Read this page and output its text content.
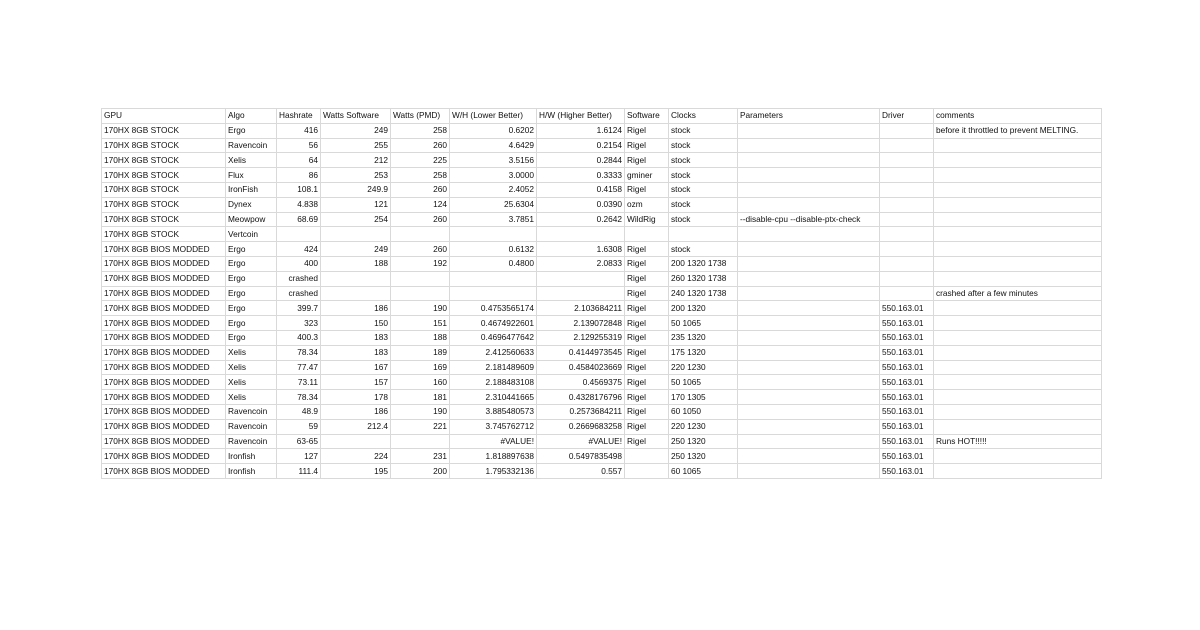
GPU	Algo	Hashrate	Watts Software	Watts (PMD)	W/H (Lower Better)	H/W (Higher Better)	Software	Clocks	Parameters	Driver	comments
170HX 8GB STOCK	Ergo	416	249	258	0.6202	1.6124	Rigel	stock			before it throttled to prevent MELTING.
170HX 8GB STOCK	Ravencoin	56	255	260	4.6429	0.2154	Rigel	stock			
170HX 8GB STOCK	Xelis	64	212	225	3.5156	0.2844	Rigel	stock			
170HX 8GB STOCK	Flux	86	253	258	3.0000	0.3333	gminer	stock			
170HX 8GB STOCK	IronFish	108.1	249.9	260	2.4052	0.4158	Rigel	stock			
170HX 8GB STOCK	Dynex	4.838	121	124	25.6304	0.0390	ozm	stock			
170HX 8GB STOCK	Meowpow	68.69	254	260	3.7851	0.2642	WildRig	stock	--disable-cpu --disable-ptx-check		
170HX 8GB STOCK	Vertcoin										
170HX 8GB BIOS MODDED	Ergo	424	249	260	0.6132	1.6308	Rigel	stock			
170HX 8GB BIOS MODDED	Ergo	400	188	192	0.4800	2.0833	Rigel	200 1320 1738			
170HX 8GB BIOS MODDED	Ergo	crashed					Rigel	260 1320 1738			
170HX 8GB BIOS MODDED	Ergo	crashed					Rigel	240 1320 1738			crashed after a few minutes
170HX 8GB BIOS MODDED	Ergo	399.7	186	190	0.4753565174	2.103684211	Rigel	200 1320		550.163.01	
170HX 8GB BIOS MODDED	Ergo	323	150	151	0.4674922601	2.139072848	Rigel	50 1065		550.163.01	
170HX 8GB BIOS MODDED	Ergo	400.3	183	188	0.4696477642	2.129255319	Rigel	235 1320		550.163.01	
170HX 8GB BIOS MODDED	Xelis	78.34	183	189	2.412560633	0.4144973545	Rigel	175 1320		550.163.01	
170HX 8GB BIOS MODDED	Xelis	77.47	167	169	2.181489609	0.4584023669	Rigel	220 1230		550.163.01	
170HX 8GB BIOS MODDED	Xelis	73.11	157	160	2.188483108	0.4569375	Rigel	50 1065		550.163.01	
170HX 8GB BIOS MODDED	Xelis	78.34	178	181	2.310441665	0.4328176796	Rigel	170 1305		550.163.01	
170HX 8GB BIOS MODDED	Ravencoin	48.9	186	190	3.885480573	0.2573684211	Rigel	60 1050		550.163.01	
170HX 8GB BIOS MODDED	Ravencoin	59	212.4	221	3.745762712	0.2669683258	Rigel	220 1230		550.163.01	
170HX 8GB BIOS MODDED	Ravencoin	63-65			#VALUE!	#VALUE!	Rigel	250 1320		550.163.01	Runs HOT!!!!!
170HX 8GB BIOS MODDED	Ironfish	127	224	231	1.818897638	0.5497835498		250 1320		550.163.01	
170HX 8GB BIOS MODDED	Ironfish	111.4	195	200	1.795332136	0.557		60 1065		550.163.01	
